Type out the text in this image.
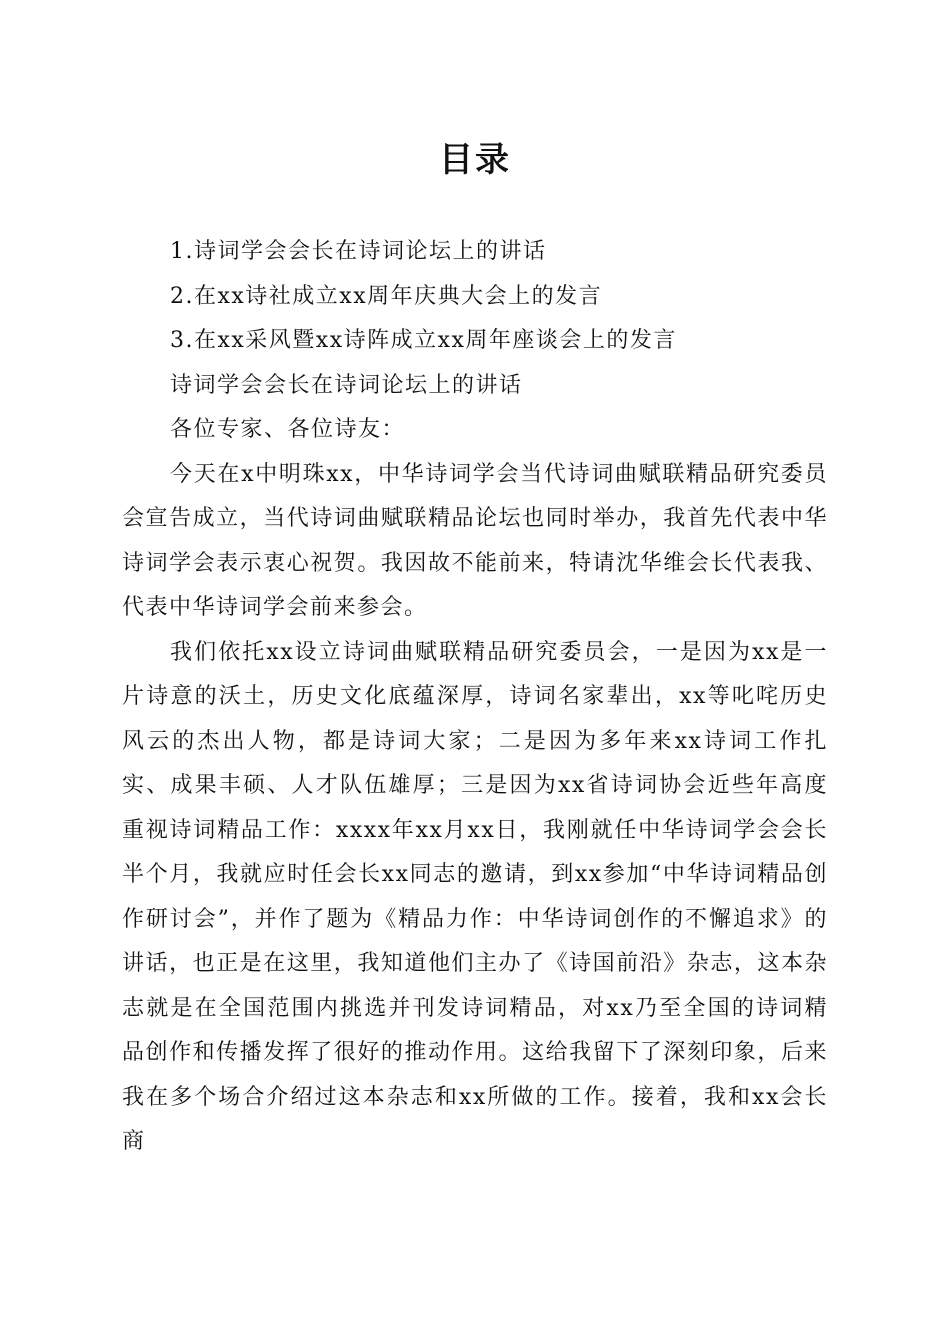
目录

1.诗词学会会长在诗词论坛上的讲话

2.在xx诗社成立xx周年庆典大会上的发言

3.在xx采风暨xx诗阵成立xx周年座谈会上的发言

诗词学会会长在诗词论坛上的讲话

各位专家、各位诗友：

今天在x中明珠xx，中华诗词学会当代诗词曲赋联精品研究委员会宣告成立，当代诗词曲赋联精品论坛也同时举办，我首先代表中华诗词学会表示衷心祝贺。我因故不能前来，特请沈华维会长代表我、代表中华诗词学会前来参会。

我们依托xx设立诗词曲赋联精品研究委员会，一是因为xx是一片诗意的沃土，历史文化底蕴深厚，诗词名家辈出，xx等叱咤历史风云的杰出人物，都是诗词大家；二是因为多年来xx诗词工作扎实、成果丰硕、人才队伍雄厚；三是因为xx省诗词协会近些年高度重视诗词精品工作：xxxx年xx月xx日，我刚就任中华诗词学会会长半个月，我就应时任会长xx同志的邀请，到xx参加“中华诗词精品创作研讨会”，并作了题为《精品力作：中华诗词创作的不懈追求》的讲话，也正是在这里，我知道他们主办了《诗国前沿》杂志，这本杂志就是在全国范围内挑选并刊发诗词精品，对xx乃至全国的诗词精品创作和传播发挥了很好的推动作用。这给我留下了深刻印象，后来我在多个场合介绍过这本杂志和xx所做的工作。接着，我和xx会长商
